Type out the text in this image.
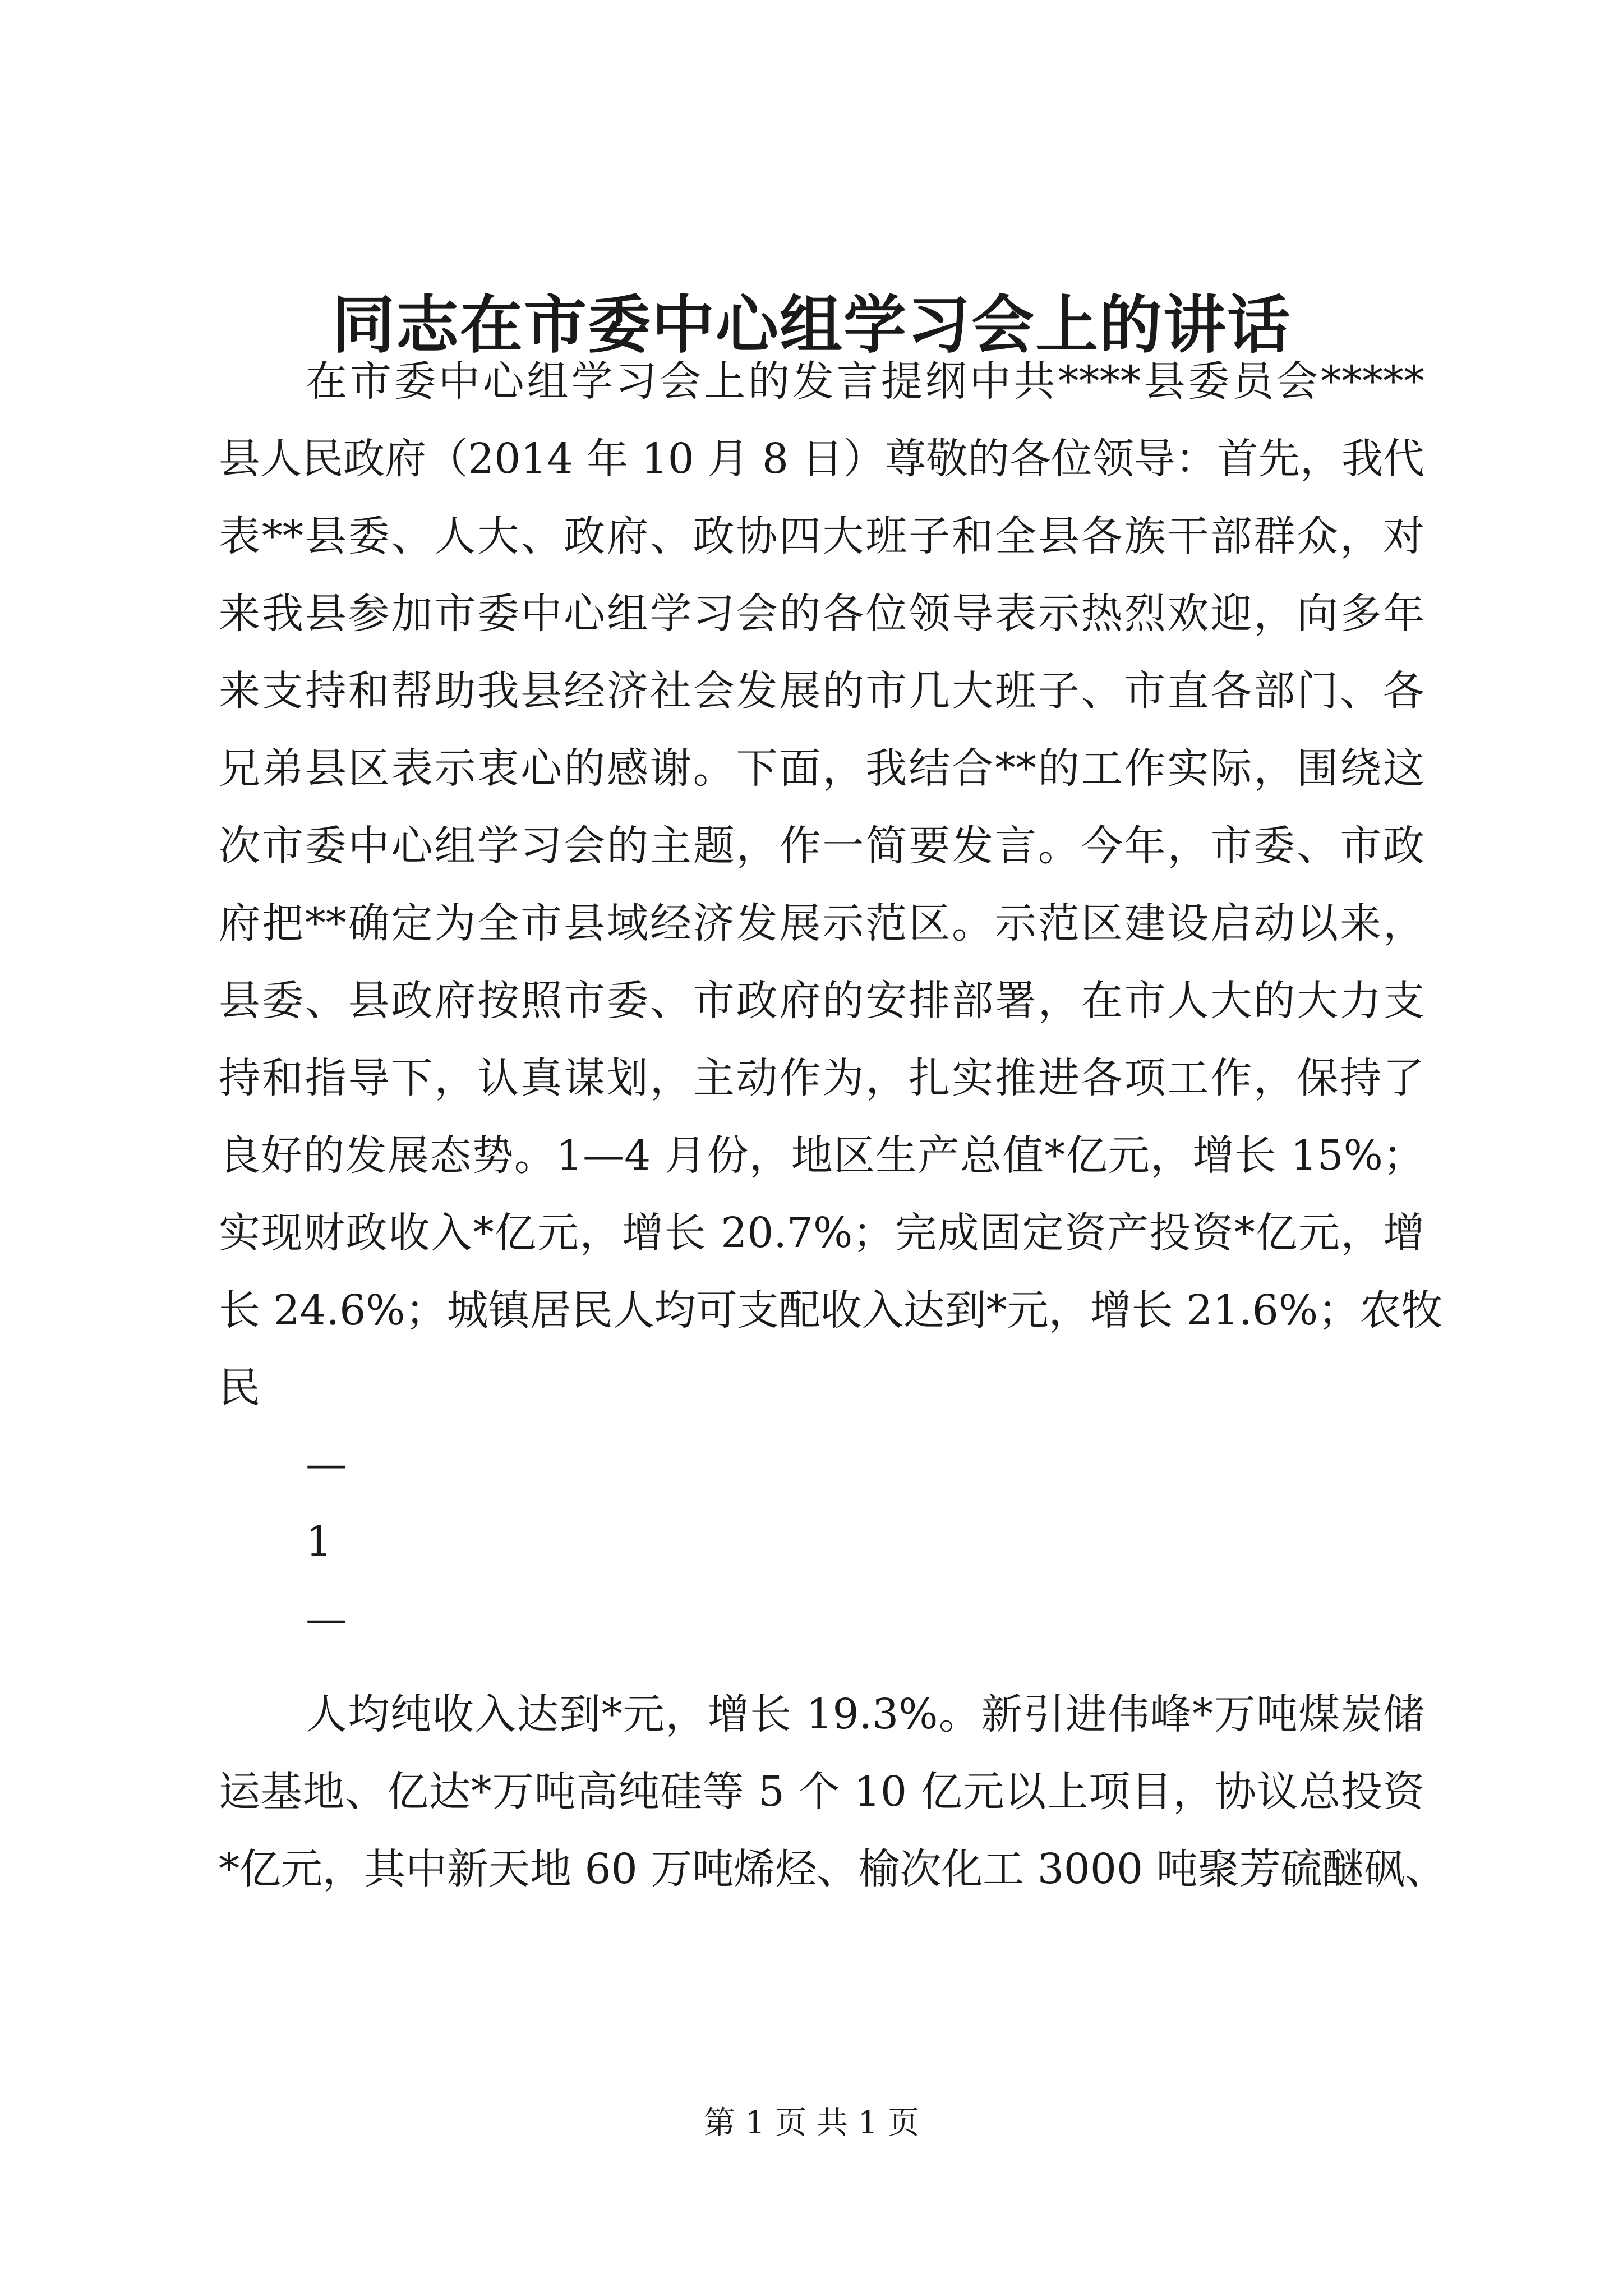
同志在市委中心组学习会上的讲话

在市委中心组学习会上的发言提纲中共****县委员会*****

县人民政府（2014 年 10 月 8 日）尊敬的各位领导：首先，我代

表**县委、人大、政府、政协四大班子和全县各族干部群众，对

来我县参加市委中心组学习会的各位领导表示热烈欢迎，向多年

来支持和帮助我县经济社会发展的市几大班子、市直各部门、各

兄弟县区表示衷心的感谢。下面，我结合**的工作实际，围绕这

次市委中心组学习会的主题，作一简要发言。今年，市委、市政

府把**确定为全市县域经济发展示范区。示范区建设启动以来，

县委、县政府按照市委、市政府的安排部署，在市人大的大力支

持和指导下，认真谋划，主动作为，扎实推进各项工作，保持了

良好的发展态势。1—4 月份，地区生产总值*亿元，增长 15%；

实现财政收入*亿元，增长 20.7%；完成固定资产投资*亿元，增

长 24.6%；城镇居民人均可支配收入达到*元，增长 21.6%；农牧

民

—

1

—

人均纯收入达到*元，增长 19.3%。新引进伟峰*万吨煤炭储

运基地、亿达*万吨高纯硅等 5 个 10 亿元以上项目，协议总投资

*亿元，其中新天地 60 万吨烯烃、榆次化工 3000 吨聚芳硫醚砜、

第 1 页 共 1 页
